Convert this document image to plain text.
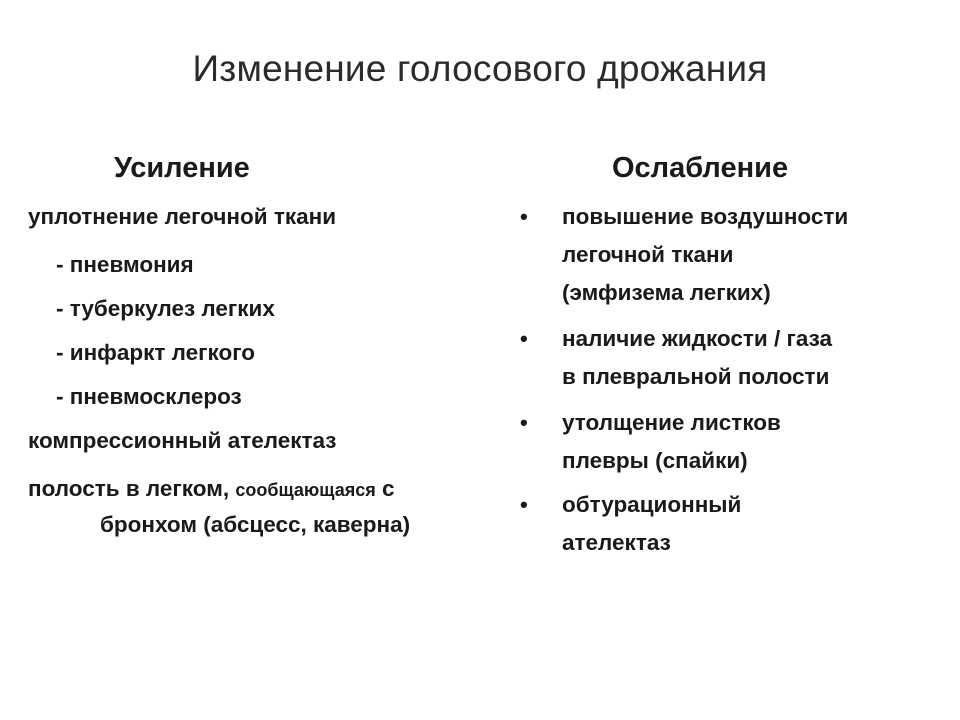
Изменение голосового дрожания
Усиление	Ослабление
уплотнение легочной ткани
- пневмония
- туберкулез легких
- инфаркт легкого
- пневмосклероз
компрессионный ателектаз
полость в легком, сообщающаяся с
бронхом (абсцесс, каверна)
• повышение воздушности
легочной ткани
(эмфизема легких)
• наличие жидкости / газа
в плевральной полости
• утолщение листков
плевры (спайки)
• обтурационный
ателектаз
